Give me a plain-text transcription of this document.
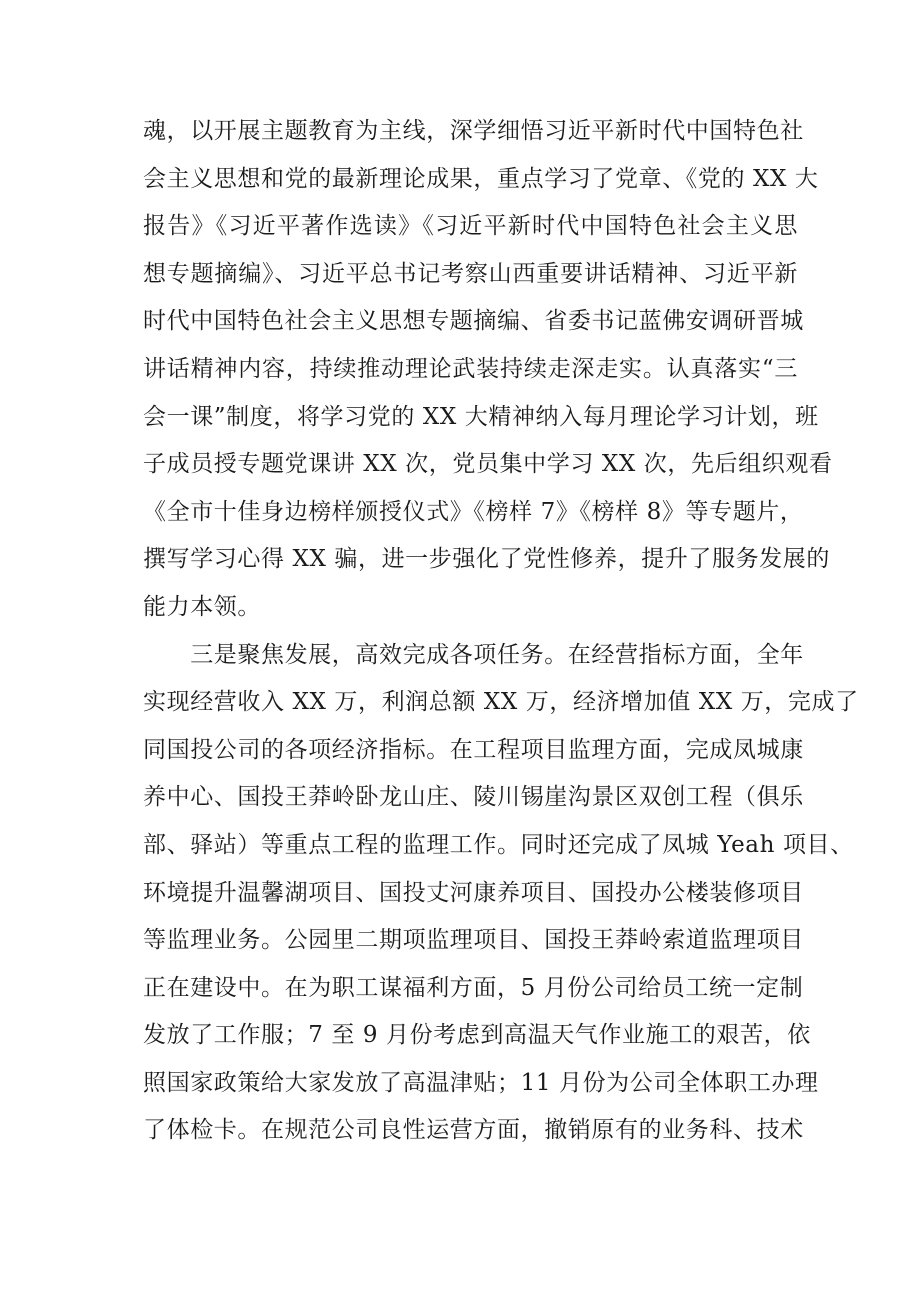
魂，以开展主题教育为主线，深学细悟习近平新时代中国特色社
会主义思想和党的最新理论成果，重点学习了党章、《党的 XX 大
报告》《习近平著作选读》《习近平新时代中国特色社会主义思
想专题摘编》、习近平总书记考察山西重要讲话精神、习近平新
时代中国特色社会主义思想专题摘编、省委书记蓝佛安调研晋城
讲话精神内容，持续推动理论武装持续走深走实。认真落实“三
会一课”制度，将学习党的 XX 大精神纳入每月理论学习计划，班
子成员授专题党课讲 XX 次，党员集中学习 XX 次，先后组织观看
《全市十佳身边榜样颁授仪式》《榜样 7》《榜样 8》等专题片，
撰写学习心得 XX 骗，进一步强化了党性修养，提升了服务发展的
能力本领。
　　三是聚焦发展，高效完成各项任务。在经营指标方面，全年
实现经营收入 XX 万，利润总额 XX 万，经济增加值 XX 万，完成了
同国投公司的各项经济指标。在工程项目监理方面，完成凤城康
养中心、国投王莽岭卧龙山庄、陵川锡崖沟景区双创工程（俱乐
部、驿站）等重点工程的监理工作。同时还完成了凤城 Yeah 项目、
环境提升温馨湖项目、国投丈河康养项目、国投办公楼装修项目
等监理业务。公园里二期项监理项目、国投王莽岭索道监理项目
正在建设中。在为职工谋福利方面，5 月份公司给员工统一定制
发放了工作服；7 至 9 月份考虑到高温天气作业施工的艰苦，依
照国家政策给大家发放了高温津贴；11 月份为公司全体职工办理
了体检卡。在规范公司良性运营方面，撤销原有的业务科、技术
